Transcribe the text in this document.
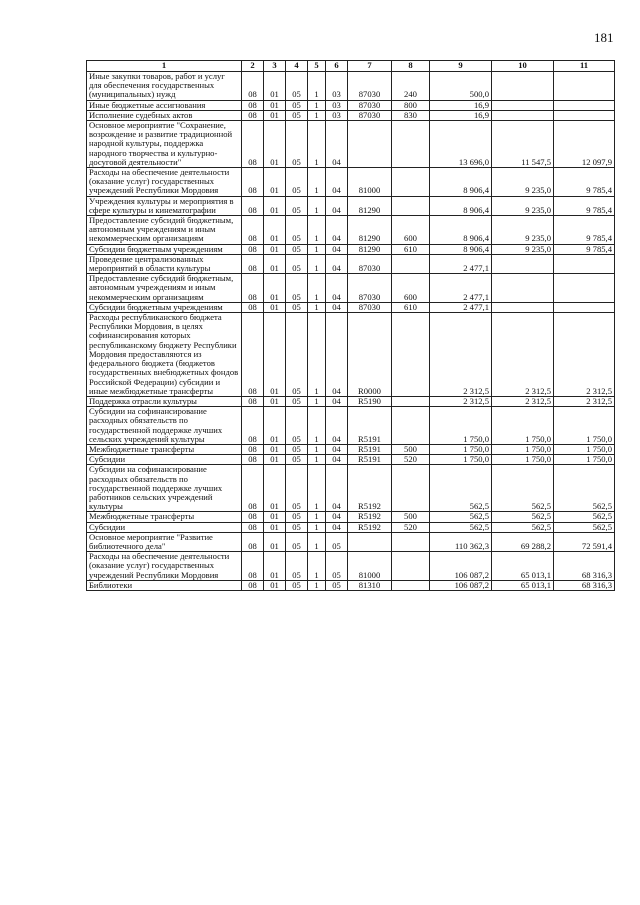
181
1	2	3	4	5	6	7	8	9	10	11
Иные закупки товаров, работ и услуг для обеспечения государственных (муниципальных) нужд	08	01	05	1	03	87030	240	500,0		
Иные бюджетные ассигнования	08	01	05	1	03	87030	800	16,9		
Исполнение судебных актов	08	01	05	1	03	87030	830	16,9		
Основное мероприятие "Сохранение, возрождение и развитие традиционной народной культуры, поддержка народного творчества и культурно-досуговой деятельности"	08	01	05	1	04			13 696,0	11 547,5	12 097,9
Расходы на обеспечение деятельности (оказание услуг) государственных учреждений Республики Мордовия	08	01	05	1	04	81000		8 906,4	9 235,0	9 785,4
Учреждения культуры и мероприятия в сфере культуры и кинематографии	08	01	05	1	04	81290		8 906,4	9 235,0	9 785,4
Предоставление субсидий бюджетным, автономным учреждениям и иным некоммерческим организациям	08	01	05	1	04	81290	600	8 906,4	9 235,0	9 785,4
Субсидии бюджетным учреждениям	08	01	05	1	04	81290	610	8 906,4	9 235,0	9 785,4
Проведение централизованных мероприятий в области культуры	08	01	05	1	04	87030		2 477,1		
Предоставление субсидий бюджетным, автономным учреждениям и иным некоммерческим организациям	08	01	05	1	04	87030	600	2 477,1		
Субсидии бюджетным учреждениям	08	01	05	1	04	87030	610	2 477,1		
Расходы республиканского бюджета Республики Мордовия, в целях софинансирования которых республиканскому бюджету Республики Мордовия предоставляются из федерального бюджета (бюджетов государственных внебюджетных фондов Российской Федерации) субсидии и иные межбюджетные трансферты	08	01	05	1	04	R0000		2 312,5	2 312,5	2 312,5
Поддержка отрасли культуры	08	01	05	1	04	R5190		2 312,5	2 312,5	2 312,5
Субсидии на софинансирование расходных обязательств по государственной поддержке лучших сельских учреждений культуры	08	01	05	1	04	R5191		1 750,0	1 750,0	1 750,0
Межбюджетные трансферты	08	01	05	1	04	R5191	500	1 750,0	1 750,0	1 750,0
Субсидии	08	01	05	1	04	R5191	520	1 750,0	1 750,0	1 750,0
Субсидии на софинансирование расходных обязательств по государственной поддержке лучших работников сельских учреждений культуры	08	01	05	1	04	R5192		562,5	562,5	562,5
Межбюджетные трансферты	08	01	05	1	04	R5192	500	562,5	562,5	562,5
Субсидии	08	01	05	1	04	R5192	520	562,5	562,5	562,5
Основное мероприятие "Развитие библиотечного дела"	08	01	05	1	05			110 362,3	69 288,2	72 591,4
Расходы на обеспечение деятельности (оказание услуг) государственных учреждений Республики Мордовия	08	01	05	1	05	81000		106 087,2	65 013,1	68 316,3
Библиотеки	08	01	05	1	05	81310		106 087,2	65 013,1	68 316,3
